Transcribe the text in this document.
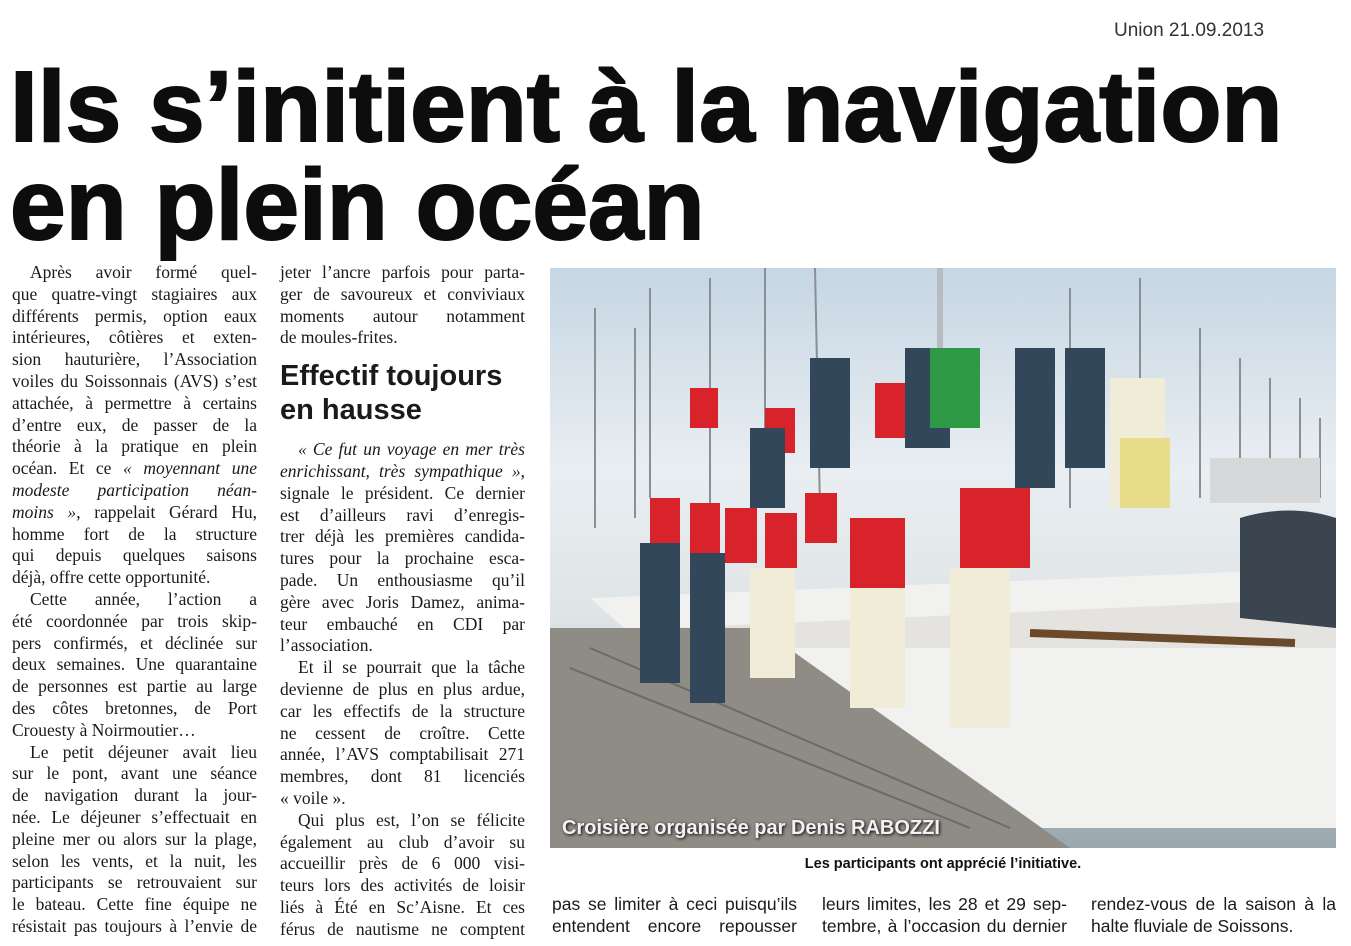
Union 21.09.2013
Ils s’initient à la navigation
en plein océan
Après avoir formé quel-
que quatre-vingt stagiaires aux
différents permis, option eaux
intérieures, côtières et exten-
sion hauturière, l’Association
voiles du Soissonnais (AVS) s’est
attachée, à permettre à certains
d’entre eux, de passer de la
théorie à la pratique en plein
océan. Et ce « moyennant une
modeste participation néan-
moins », rappelait Gérard Hu,
homme fort de la structure
qui depuis quelques saisons
déjà, offre cette opportunité.
Cette année, l’action a
été coordonnée par trois skip-
pers confirmés, et déclinée sur
deux semaines. Une quarantaine
de personnes est partie au large
des côtes bretonnes, de Port
Crouesty à Noirmoutier…
Le petit déjeuner avait lieu
sur le pont, avant une séance
de navigation durant la jour-
née. Le déjeuner s’effectuait en
pleine mer ou alors sur la plage,
selon les vents, et la nuit, les
participants se retrouvaient sur
le bateau. Cette fine équipe ne
résistait pas toujours à l’envie de
jeter l’ancre parfois pour parta-
ger de savoureux et conviviaux
moments autour notamment
de moules-frites.
Effectif toujours
en hausse
« Ce fut un voyage en mer très
enrichissant, très sympathique »,
signale le président. Ce dernier
est d’ailleurs ravi d’enregis-
trer déjà les premières candida-
tures pour la prochaine esca-
pade. Un enthousiasme qu’il
gère avec Joris Damez, anima-
teur embauché en CDI par
l’association.
Et il se pourrait que la tâche
devienne de plus en plus ardue,
car les effectifs de la structure
ne cessent de croître. Cette
année, l’AVS comptabilisait 271
membres, dont 81 licenciés
« voile ».
Qui plus est, l’on se félicite
également au club d’avoir su
accueillir près de 6 000 visi-
teurs lors des activités de loisir
liés à Été en Sc’Aisne. Et ces
férus de nautisme ne comptent
Croisière organisée par Denis RABOZZI
Les participants ont apprécié l’initiative.
pas se limiter à ceci puisqu’ils
entendent encore repousser
leurs limites, les 28 et 29 sep-
tembre, à l’occasion du dernier
rendez-vous de la saison à la
halte fluviale de Soissons.
